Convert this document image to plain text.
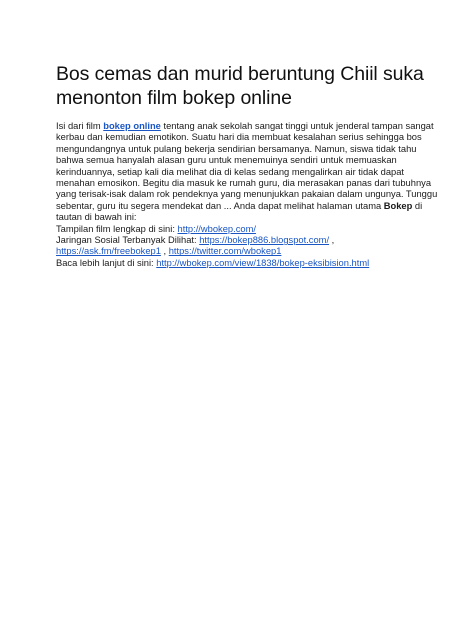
Bos cemas dan murid beruntung Chiil suka
menonton film bokep online
Isi dari film bokep online tentang anak sekolah sangat tinggi untuk jenderal tampan sangat
kerbau dan kemudian emotikon. Suatu hari dia membuat kesalahan serius sehingga bos
mengundangnya untuk pulang bekerja sendirian bersamanya. Namun, siswa tidak tahu
bahwa semua hanyalah alasan guru untuk menemuinya sendiri untuk memuaskan
kerinduannya, setiap kali dia melihat dia di kelas sedang mengalirkan air tidak dapat
menahan emosikon. Begitu dia masuk ke rumah guru, dia merasakan panas dari tubuhnya
yang terisak-isak dalam rok pendeknya yang menunjukkan pakaian dalam ungunya. Tunggu
sebentar, guru itu segera mendekat dan ... Anda dapat melihat halaman utama Bokep di
tautan di bawah ini:
Tampilan film lengkap di sini: http://wbokep.com/
Jaringan Sosial Terbanyak Dilihat: https://bokep886.blogspot.com/ ,
https://ask.fm/freebokep1 , https://twitter.com/wbokep1
Baca lebih lanjut di sini: http://wbokep.com/view/1838/bokep-eksibision.html
